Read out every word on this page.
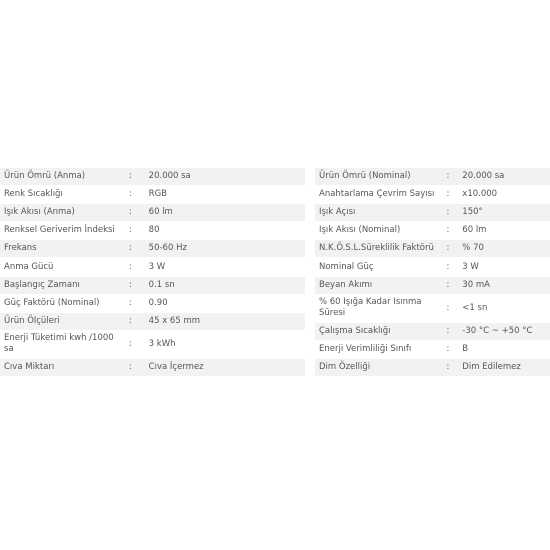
Ürün Ömrü (Anma)	:	20.000 sa
Renk Sıcaklığı	:	RGB
Işık Akısı (Anma)	:	60 lm
Renksel Geriverim İndeksi	:	80
Frekans	:	50-60 Hz
Anma Gücü	:	3 W
Başlangıç Zamanı	:	0.1 sn
Güç Faktörü (Nominal)	:	0.90
Ürün Ölçüleri	:	45 x 65 mm
Enerji Tüketimi kwh /1000 sa	:	3 kWh
Cıva Miktarı	:	Cıva İçermez
Ürün Ömrü (Nominal)	:	20.000 sa
Anahtarlama Çevrim Sayısı	:	x10.000
Işık Açısı	:	150°
Işık Akısı (Nominal)	:	60 lm
N.K.Ö.S.L.Süreklilik Faktörü	:	% 70
Nominal Güç	:	3 W
Beyan Akımı	:	30 mA
% 60 Işığa Kadar Isınma Süresi	:	<1 sn
Çalışma Sıcaklığı	:	-30 °C ~ +50 °C
Enerji Verimliliği Sınıfı	:	B
Dim Özelliği	:	Dim Edilemez
